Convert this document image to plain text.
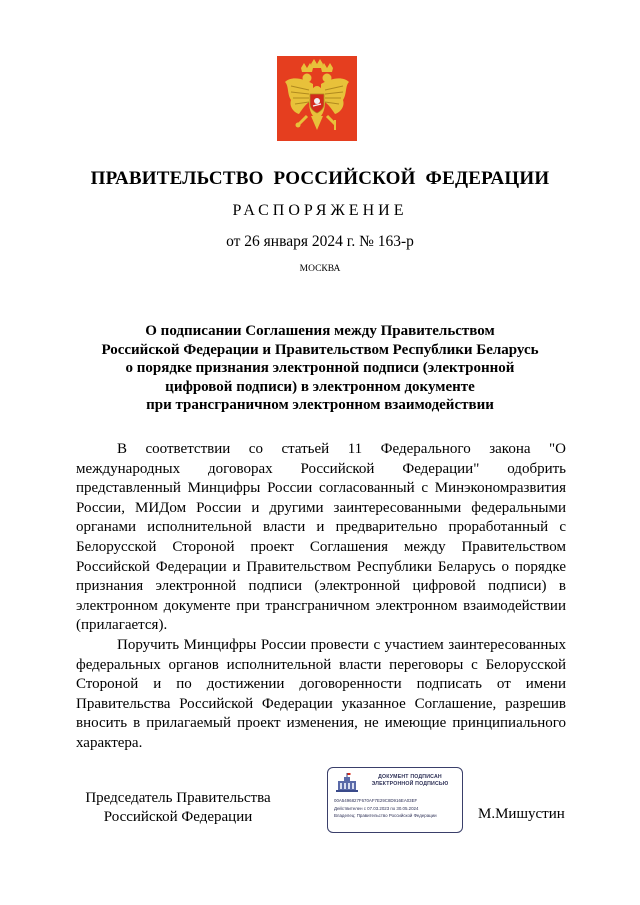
ПРАВИТЕЛЬСТВО РОССИЙСКОЙ ФЕДЕРАЦИИ
РАСПОРЯЖЕНИЕ
от 26 января 2024 г. № 163-р
МОСКВА
О подписании Соглашения между Правительством
Российской Федерации и Правительством Республики Беларусь
о порядке признания электронной подписи (электронной
цифровой подписи) в электронном документе
при трансграничном электронном взаимодействии

В соответствии со статьей 11 Федерального закона "О международных договорах Российской Федерации" одобрить представленный Минцифры России согласованный с Минэкономразвития России, МИДом России и другими заинтересованными федеральными органами исполнительной власти и предварительно проработанный с Белорусской Стороной проект Соглашения между Правительством Российской Федерации и Правительством Республики Беларусь о порядке признания электронной подписи (электронной цифровой подписи) в электронном документе при трансграничном электронном взаимодействии (прилагается).

Поручить Минцифры России провести с участием заинтересованных федеральных органов исполнительной власти переговоры с Белорусской Стороной и по достижении договоренности подписать от имени Правительства Российской Федерации указанное Соглашение, разрешив вносить в прилагаемый проект изменения, не имеющие принципиального характера.

Председатель Правительства
Российской Федерации
ДОКУМЕНТ ПОДПИСАН
ЭЛЕКТРОННОЙ ПОДПИСЬЮ
00A5496827F670AF7E29C8D916EA03EF
Действителен с 07.03.2023 по 30.05.2024
Владелец: Правительство Российской Федерации	М.Мишустин
